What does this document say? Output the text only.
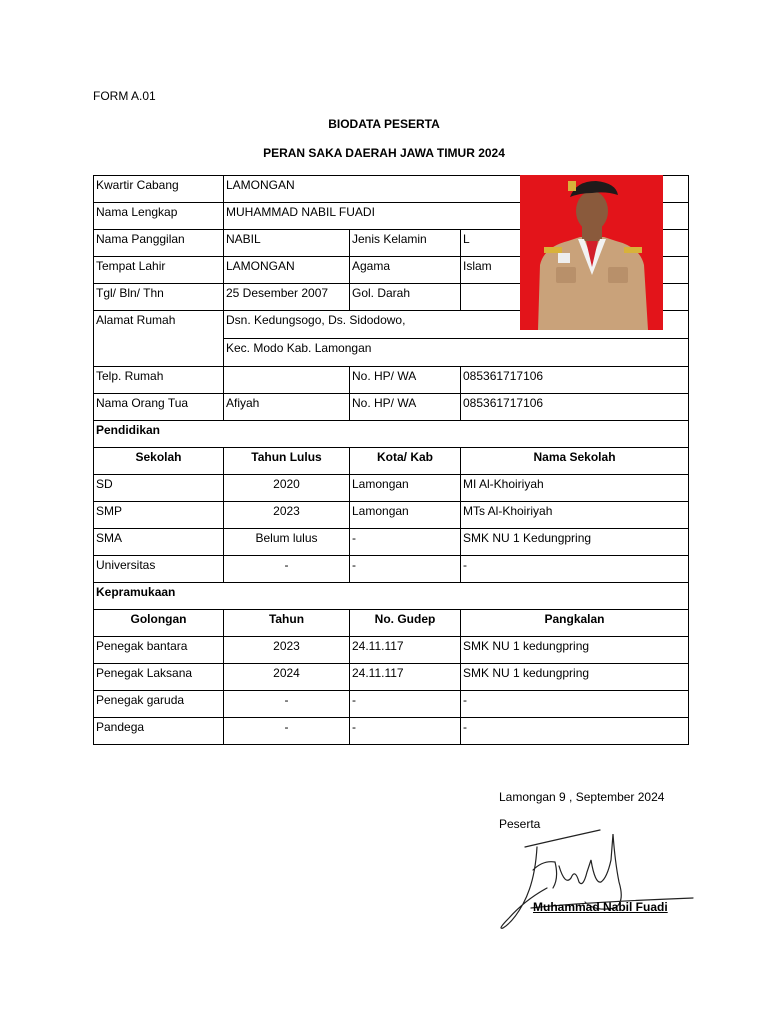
FORM A.01
BIODATA PESERTA
PERAN SAKA DAERAH JAWA TIMUR 2024
Kwartir Cabang	LAMONGAN		
Nama Lengkap	MUHAMMAD NABIL FUADI		
Nama Panggilan	NABIL	Jenis Kelamin	L
Tempat Lahir	LAMONGAN	Agama	Islam
Tgl/ Bln/ Thn	25 Desember 2007	Gol. Darah	
Alamat Rumah	Dsn. Kedungsogo, Ds. Sidodowo,		
	Kec. Modo Kab. Lamongan		
Telp. Rumah		No. HP/ WA	085361717106
Nama Orang Tua	Afiyah	No. HP/ WA	085361717106
Pendidikan			
Sekolah	Tahun Lulus	Kota/ Kab	Nama Sekolah
SD	2020	Lamongan	MI Al-Khoiriyah
SMP	2023	Lamongan	MTs Al-Khoiriyah
SMA	Belum lulus	-	SMK NU 1 Kedungpring
Universitas	-	-	-
Kepramukaan			
Golongan	Tahun	No. Gudep	Pangkalan
Penegak bantara	2023	24.11.117	SMK NU 1 kedungpring
Penegak Laksana	2024	24.11.117	SMK NU 1 kedungpring
Penegak garuda	-	-	-
Pandega	-	-	-
Lamongan 9 , September 2024
Peserta
Muhammad Nabil Fuadi
